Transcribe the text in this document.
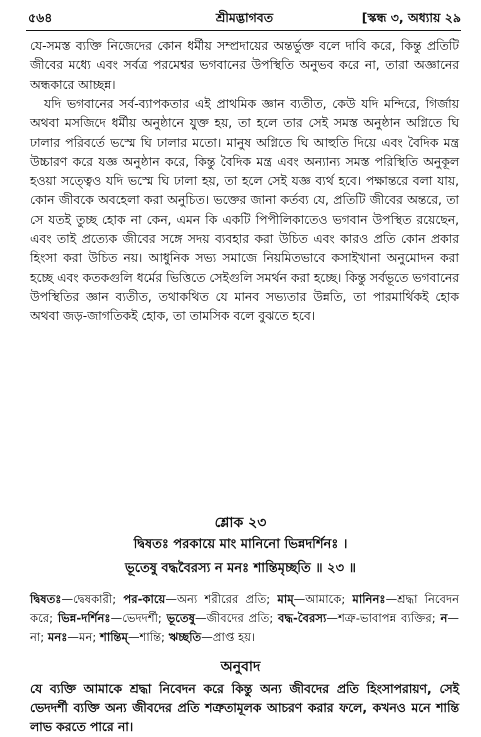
৫৬৪	শ্রীমদ্ভাগবত	[স্কন্ধ ৩, অধ্যায় ২৯

যে-সমস্ত ব্যক্তি নিজেদের কোন ধর্মীয় সম্প্রদায়ের অন্তর্ভুক্ত বলে দাবি করে, কিন্তু প্রতিটি জীবের মধ্যে এবং সর্বত্র পরমেশ্বর ভগবানের উপস্থিতি অনুভব করে না, তারা অজ্ঞানের অন্ধকারে আচ্ছন্ন।

যদি ভগবানের সর্ব-ব্যাপকতার এই প্রাথমিক জ্ঞান ব্যতীত, কেউ যদি মন্দিরে, গির্জায় অথবা মসজিদে ধর্মীয় অনুষ্ঠানে যুক্ত হয়, তা হলে তার সেই সমস্ত অনুষ্ঠান অগ্নিতে ঘি ঢালার পরিবর্তে ভস্মে ঘি ঢালার মতো। মানুষ অগ্নিতে ঘি আহুতি দিয়ে এবং বৈদিক মন্ত্র উচ্চারণ করে যজ্ঞ অনুষ্ঠান করে, কিন্তু বৈদিক মন্ত্র এবং অন্যান্য সমস্ত পরিস্থিতি অনুকূল হওয়া সত্ত্বেও যদি ভস্মে ঘি ঢালা হয়, তা হলে সেই যজ্ঞ ব্যর্থ হবে। পক্ষান্তরে বলা যায়, কোন জীবকে অবহেলা করা অনুচিত। ভক্তের জানা কর্তব্য যে, প্রতিটি জীবের অন্তরে, তা সে যতই তুচ্ছ হোক না কেন, এমন কি একটি পিপীলিকাতেও ভগবান উপস্থিত রয়েছেন, এবং তাই প্রত্যেক জীবের সঙ্গে সদয় ব্যবহার করা উচিত এবং কারও প্রতি কোন প্রকার হিংসা করা উচিত নয়। আধুনিক সভ্য সমাজে নিয়মিতভাবে কসাইখানা অনুমোদন করা হচ্ছে এবং কতকগুলি ধর্মের ভিত্তিতে সেইগুলি সমর্থন করা হচ্ছে। কিন্তু সর্বভূতে ভগবানের উপস্থিতির জ্ঞান ব্যতীত, তথাকথিত যে মানব সভ্যতার উন্নতি, তা পারমার্থিকই হোক অথবা জড়-জাগতিকই হোক, তা তামসিক বলে বুঝতে হবে।

শ্লোক ২৩
দ্বিষতঃ পরকায়ে মাং মানিনো ভিন্নদর্শিনঃ ।
ভূতেষু বদ্ধবৈরস্য ন মনঃ শান্তিমৃচ্ছতি ॥ ২৩ ॥

দ্বিষতঃ—দ্বেষকারী; পর-কায়ে—অন্য শরীরের প্রতি; মাম্—আমাকে; মানিনঃ—শ্রদ্ধা নিবেদন করে; ভিন্ন-দর্শিনঃ—ভেদদর্শী; ভূতেষু—জীবদের প্রতি; বদ্ধ-বৈরস্য—শত্রু-ভাবাপন্ন ব্যক্তির; ন—না; মনঃ—মন; শান্তিম্—শান্তি; ঋচ্ছতি—প্রাপ্ত হয়।

অনুবাদ

যে ব্যক্তি আমাকে শ্রদ্ধা নিবেদন করে কিন্তু অন্য জীবদের প্রতি হিংসাপরায়ণ, সেই ভেদদর্শী ব্যক্তি অন্য জীবদের প্রতি শত্রুতামূলক আচরণ করার ফলে, কখনও মনে শান্তি লাভ করতে পারে না।
